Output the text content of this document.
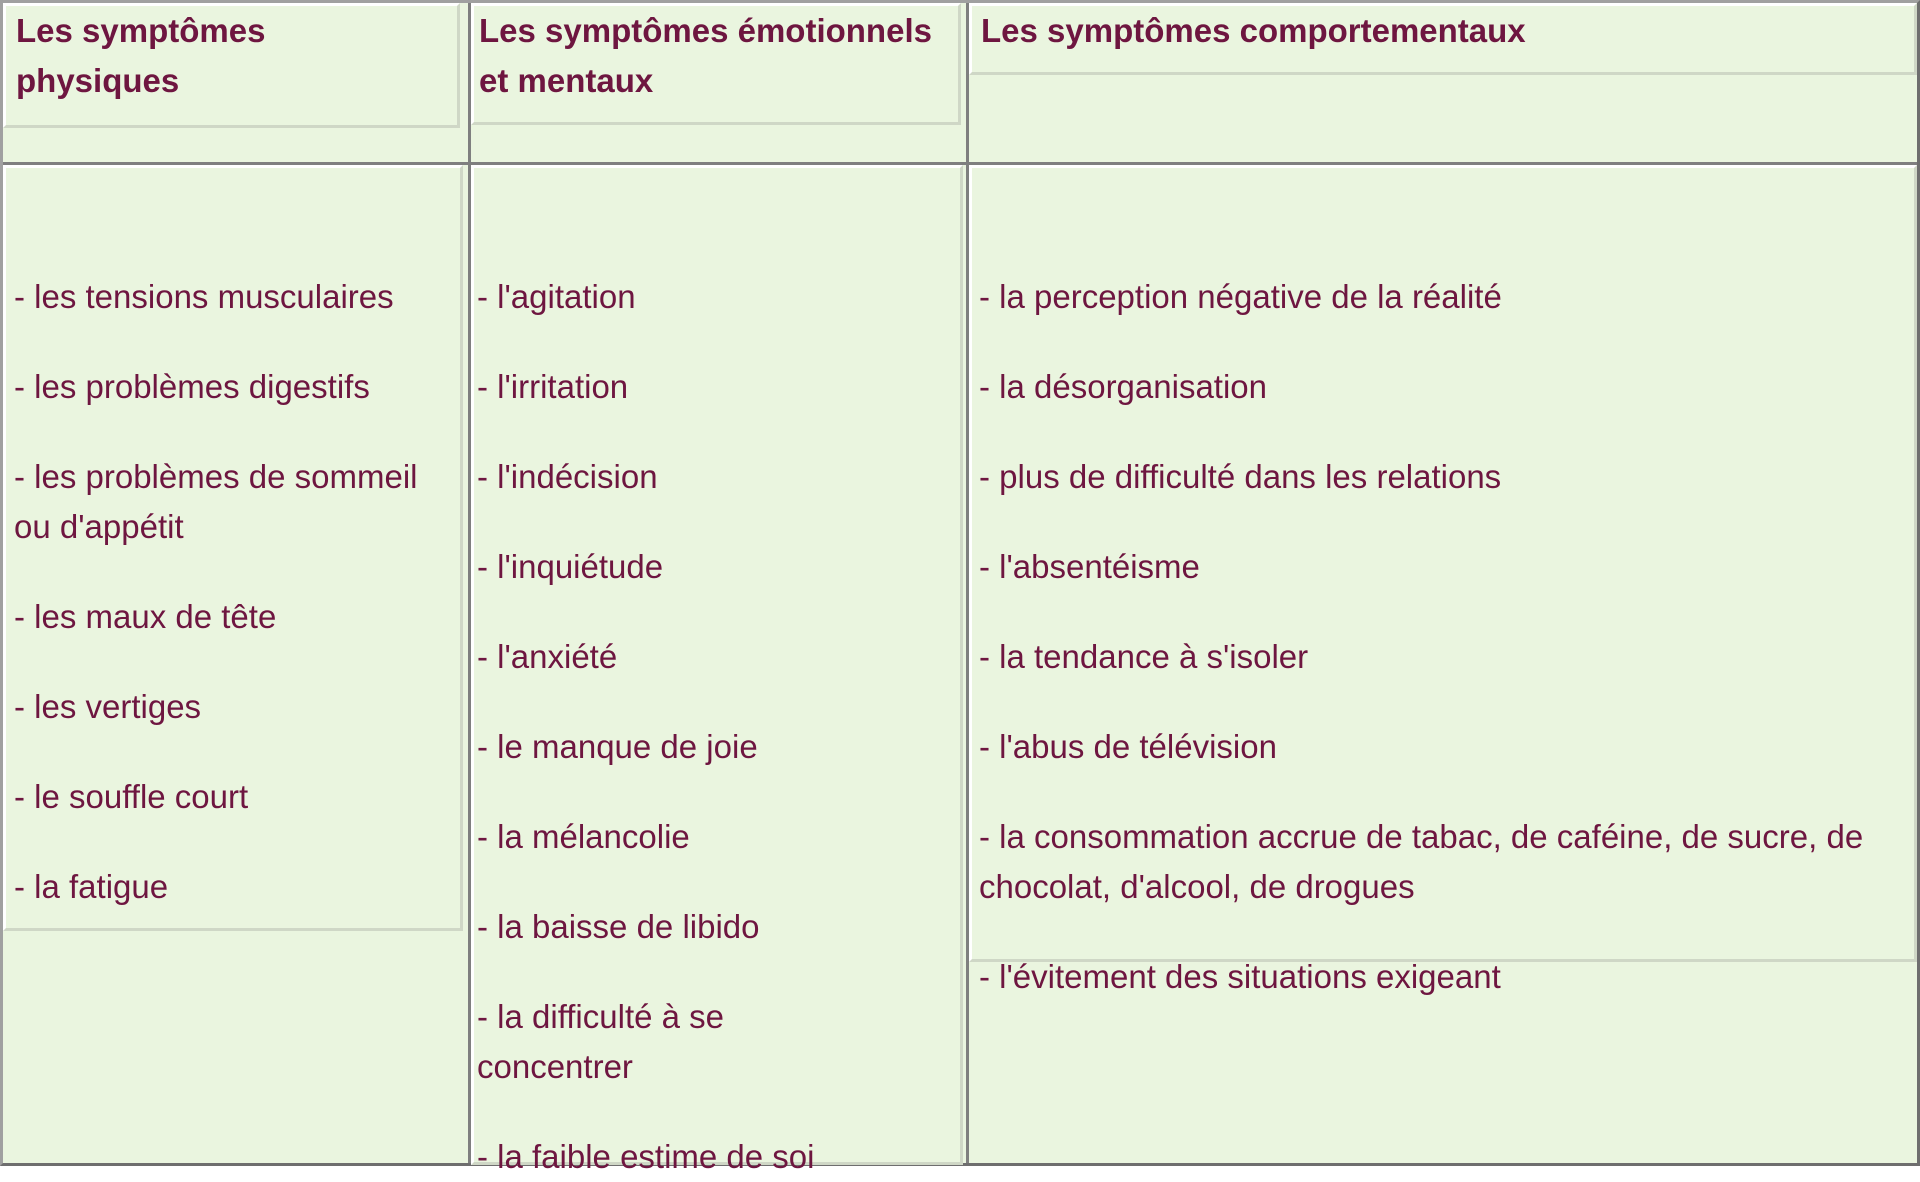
Les symptômes physiques

Les symptômes émotionnels et mentaux

Les symptômes comportementaux

- les tensions musculaires
- les problèmes digestifs
- les problèmes de sommeil ou d'appétit
- les maux de tête
- les vertiges
- le souffle court
- la fatigue
- l'agitation
- l'irritation
- l'indécision
- l'inquiétude
- l'anxiété
- le manque de joie
- la mélancolie
- la baisse de libido
- la difficulté à se concentrer
- la faible estime de soi
- la perception négative de la réalité
- la désorganisation
- plus de difficulté dans les relations
- l'absentéisme
- la tendance à s'isoler
- l'abus de télévision
- la consommation accrue de tabac, de caféine, de sucre, de chocolat, d'alcool, de drogues
- l'évitement des situations exigeant
